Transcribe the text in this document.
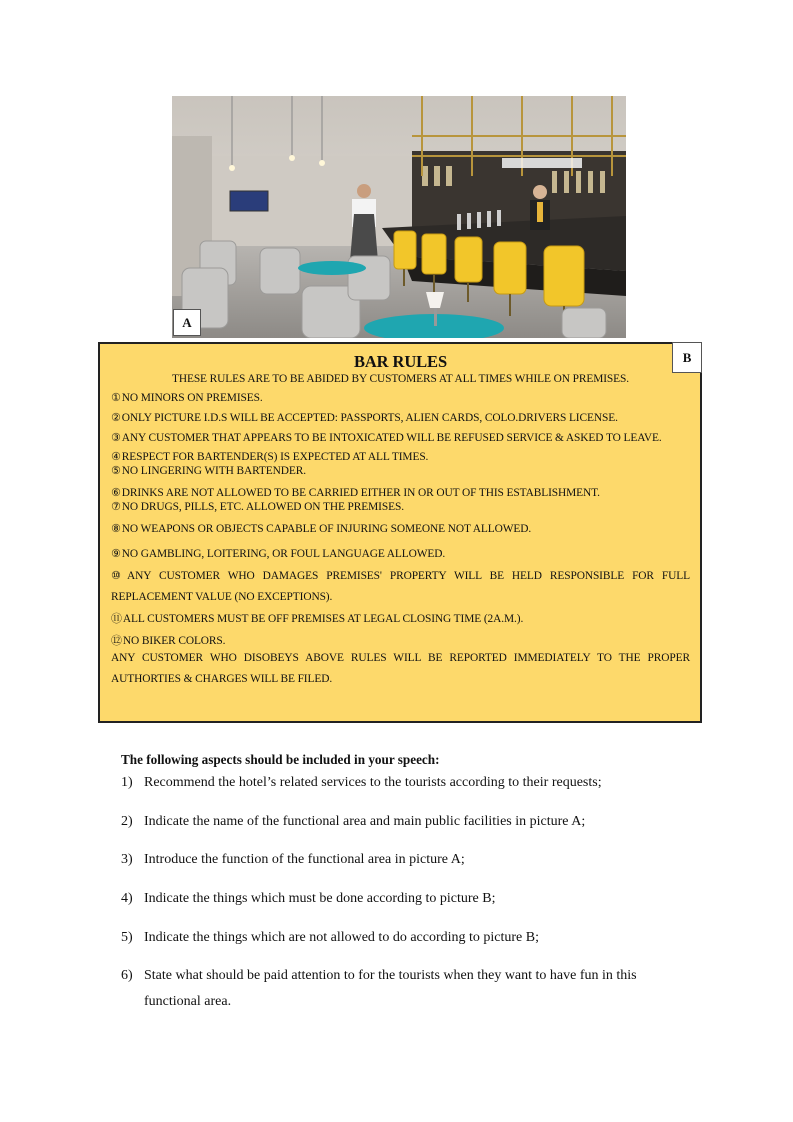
A
B
BAR RULES
THESE RULES ARE TO BE ABIDED BY CUSTOMERS AT ALL TIMES WHILE ON PREMISES.

①NO MINORS ON PREMISES.

②ONLY PICTURE I.D.S WILL BE ACCEPTED: PASSPORTS, ALIEN CARDS, COLO.DRIVERS LICENSE.

③ANY CUSTOMER THAT APPEARS TO BE INTOXICATED WILL BE REFUSED SERVICE & ASKED TO LEAVE.

④RESPECT FOR BARTENDER(S) IS EXPECTED AT ALL TIMES.

⑤NO LINGERING WITH BARTENDER.

⑥DRINKS ARE NOT ALLOWED TO BE CARRIED EITHER IN OR OUT OF THIS ESTABLISHMENT.

⑦NO DRUGS, PILLS, ETC. ALLOWED ON THE PREMISES.

⑧NO WEAPONS OR OBJECTS CAPABLE OF INJURING SOMEONE NOT ALLOWED.

⑨NO GAMBLING, LOITERING, OR FOUL LANGUAGE ALLOWED.

⑩ANY CUSTOMER WHO DAMAGES PREMISES' PROPERTY WILL BE HELD RESPONSIBLE FOR FULL REPLACEMENT VALUE (NO EXCEPTIONS).

⑪ALL CUSTOMERS MUST BE OFF PREMISES AT LEGAL CLOSING TIME (2A.M.).

⑫NO BIKER COLORS.

ANY CUSTOMER WHO DISOBEYS ABOVE RULES WILL BE REPORTED IMMEDIATELY TO THE PROPER AUTHORTIES & CHARGES WILL BE FILED.

The following aspects should be included in your speech:
1) Recommend the hotel’s related services to the tourists according to their requests;
2) Indicate the name of the functional area and main public facilities in picture A;
3) Introduce the function of the functional area in picture A;
4) Indicate the things which must be done according to picture B;
5) Indicate the things which are not allowed to do according to picture B;
6) State what should be paid attention to for the tourists when they want to have fun in this functional area.
